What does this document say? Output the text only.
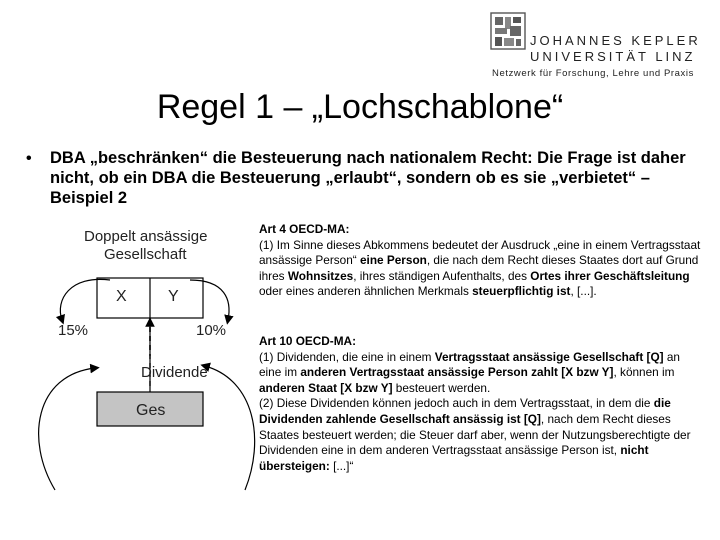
JOHANNES KEPLER
UNIVERSITÄT LINZ
Netzwerk für Forschung, Lehre und Praxis
Regel 1 – „Lochschablone“
• DBA „beschränken“ die Besteuerung nach nationalem Recht: Die Frage ist daher nicht, ob ein DBA die Besteuerung „erlaubt“, sondern ob es sie „verbietet“ – Beispiel 2
Doppelt ansässige
Gesellschaft
X	Y
15%	10%
Dividende
Ges
Art 4 OECD-MA:
(1) Im Sinne dieses Abkommens bedeutet der Ausdruck „eine in einem Vertragsstaat ansässige Person“ eine Person, die nach dem Recht dieses Staates dort auf Grund ihres Wohnsitzes, ihres ständigen Aufenthalts, des Ortes ihrer Geschäftsleitung oder eines anderen ähnlichen Merkmals steuerpflichtig ist, [...].
Art 10 OECD-MA:
(1) Dividenden, die eine in einem Vertragsstaat ansässige Gesellschaft [Q] an eine im anderen Vertragsstaat ansässige Person zahlt [X bzw Y], können im anderen Staat [X bzw Y] besteuert werden.
(2) Diese Dividenden können jedoch auch in dem Vertragsstaat, in dem die die Dividenden zahlende Gesellschaft ansässig ist [Q], nach dem Recht dieses Staates besteuert werden; die Steuer darf aber, wenn der Nutzungsberechtigte der Dividenden eine in dem anderen Vertragsstaat ansässige Person ist, nicht übersteigen: [...]“
